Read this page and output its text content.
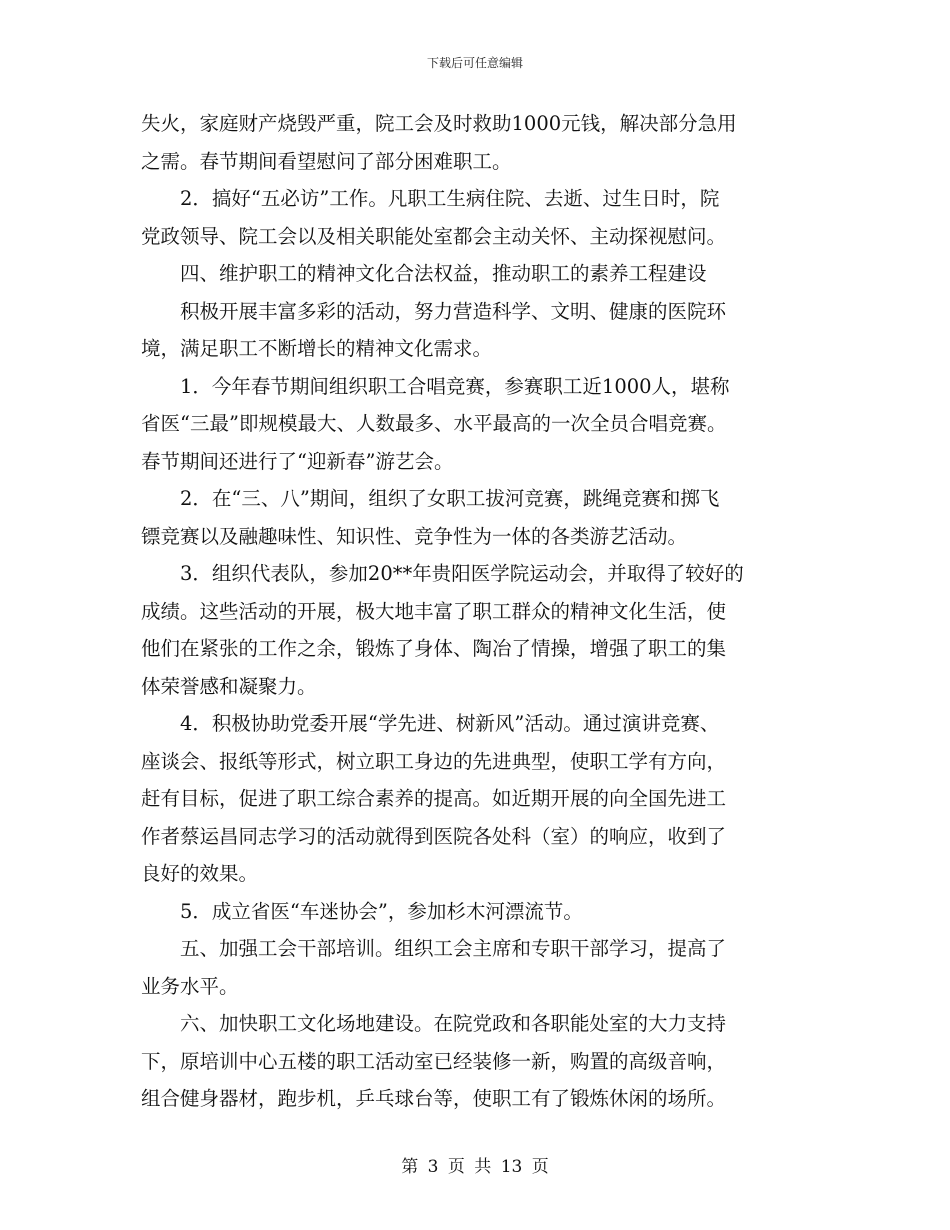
下载后可任意编辑
失火，家庭财产烧毁严重，院工会及时救助1000元钱，解决部分急用
之需。春节期间看望慰问了部分困难职工。
　　2．搞好“五必访”工作。凡职工生病住院、去逝、过生日时，院
党政领导、院工会以及相关职能处室都会主动关怀、主动探视慰问。
　　四、维护职工的精神文化合法权益，推动职工的素养工程建设
　　积极开展丰富多彩的活动，努力营造科学、文明、健康的医院环
境，满足职工不断增长的精神文化需求。
　　1．今年春节期间组织职工合唱竞赛，参赛职工近1000人，堪称
省医“三最”即规模最大、人数最多、水平最高的一次全员合唱竞赛。
春节期间还进行了“迎新春”游艺会。
　　2．在“三、八”期间，组织了女职工拔河竞赛，跳绳竞赛和掷飞
镖竞赛以及融趣味性、知识性、竞争性为一体的各类游艺活动。
　　3．组织代表队，参加20**年贵阳医学院运动会，并取得了较好的
成绩。这些活动的开展，极大地丰富了职工群众的精神文化生活，使
他们在紧张的工作之余，锻炼了身体、陶冶了情操，增强了职工的集
体荣誉感和凝聚力。
　　4．积极协助党委开展“学先进、树新风”活动。通过演讲竞赛、
座谈会、报纸等形式，树立职工身边的先进典型，使职工学有方向，
赶有目标，促进了职工综合素养的提高。如近期开展的向全国先进工
作者蔡运昌同志学习的活动就得到医院各处科（室）的响应，收到了
良好的效果。
　　5．成立省医“车迷协会”，参加杉木河漂流节。
　　五、加强工会干部培训。组织工会主席和专职干部学习，提高了
业务水平。
　　六、加快职工文化场地建设。在院党政和各职能处室的大力支持
下，原培训中心五楼的职工活动室已经装修一新，购置的高级音响，
组合健身器材，跑步机，乒乓球台等，使职工有了锻炼休闲的场所。
第 3 页 共 13 页
